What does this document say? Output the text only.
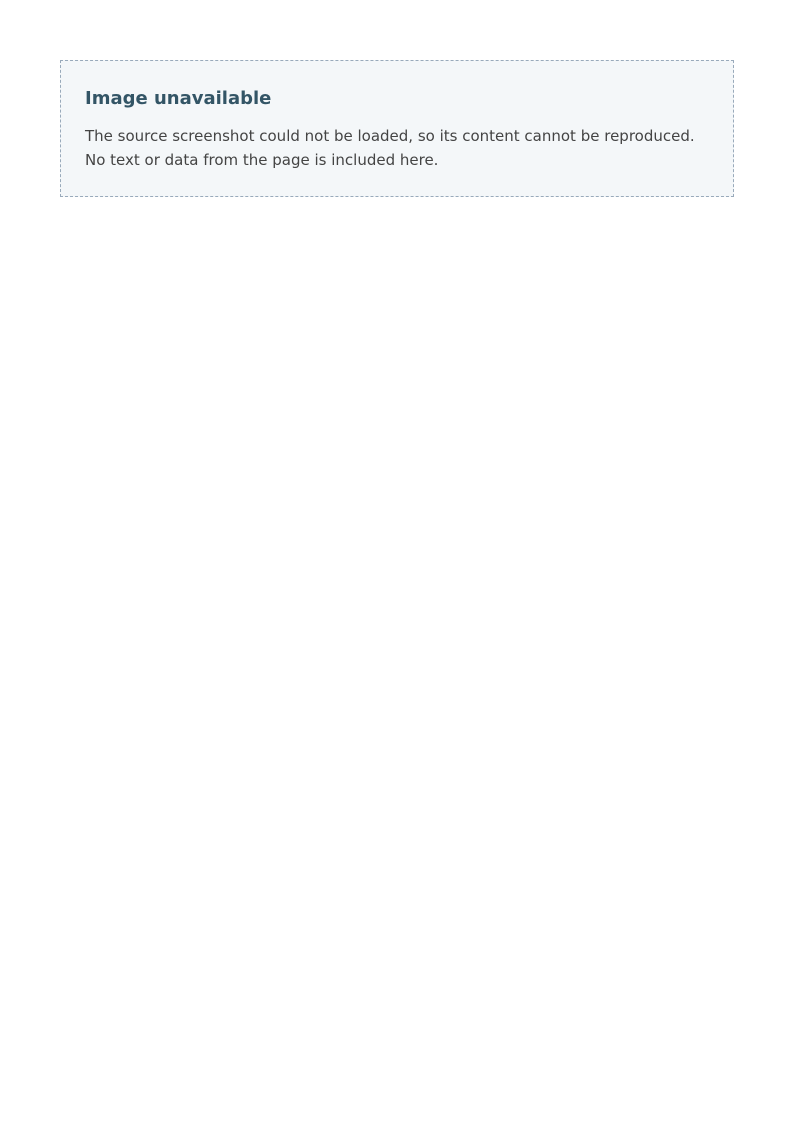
Image unavailable

The source screenshot could not be loaded, so its content cannot be reproduced. No text or data from the page is included here.
